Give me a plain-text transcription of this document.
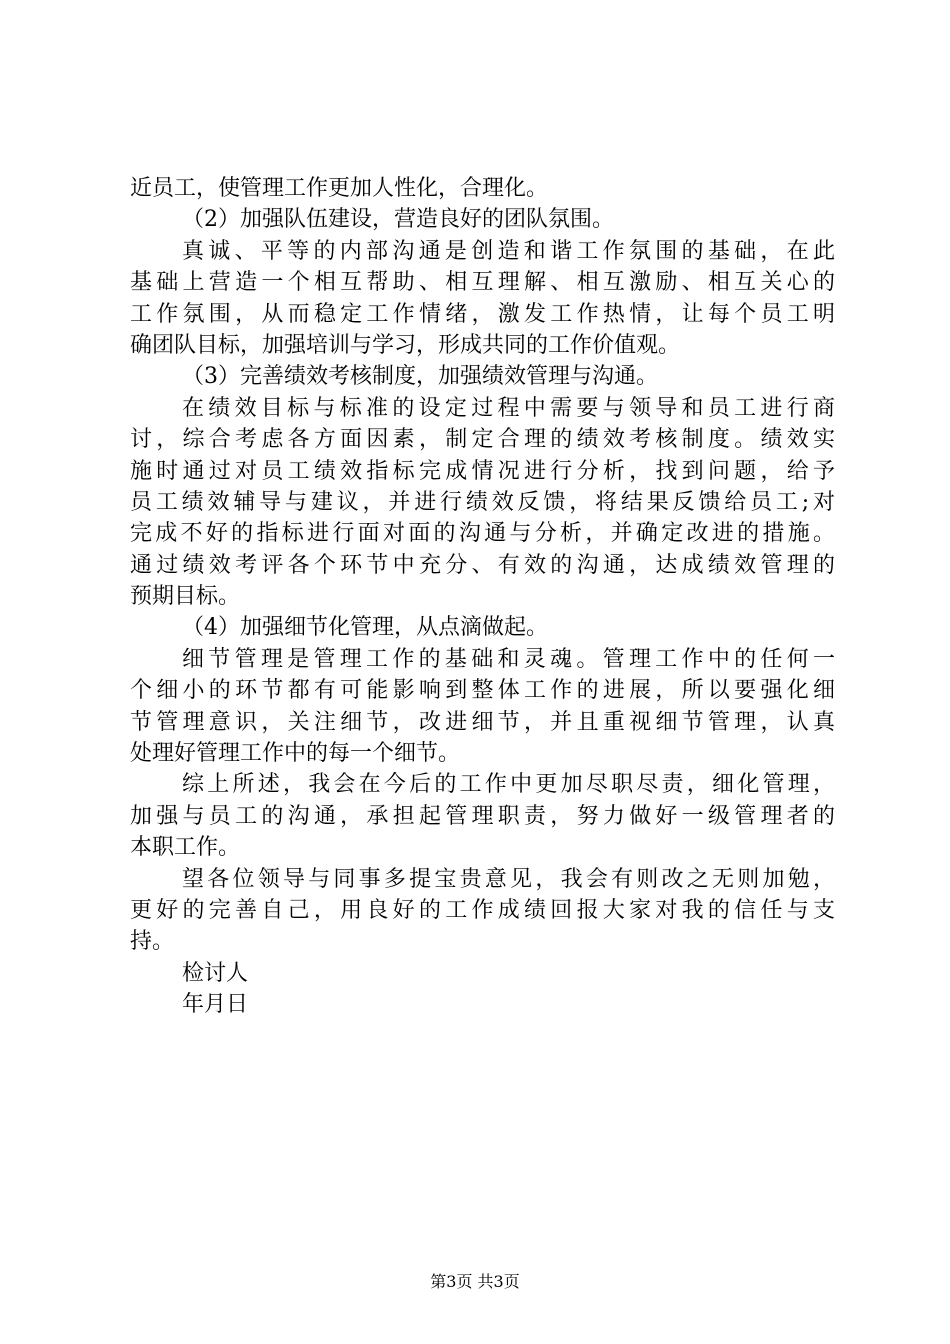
近员工，使管理工作更加人性化，合理化。
（2）加强队伍建设，营造良好的团队氛围。
真诚、平等的内部沟通是创造和谐工作氛围的基础，在此
基础上营造一个相互帮助、相互理解、相互激励、相互关心的
工作氛围，从而稳定工作情绪，激发工作热情，让每个员工明
确团队目标，加强培训与学习，形成共同的工作价值观。
（3）完善绩效考核制度，加强绩效管理与沟通。
在绩效目标与标准的设定过程中需要与领导和员工进行商
讨，综合考虑各方面因素，制定合理的绩效考核制度。绩效实
施时通过对员工绩效指标完成情况进行分析，找到问题，给予
员工绩效辅导与建议，并进行绩效反馈，将结果反馈给员工;对
完成不好的指标进行面对面的沟通与分析，并确定改进的措施。
通过绩效考评各个环节中充分、有效的沟通，达成绩效管理的
预期目标。
（4）加强细节化管理，从点滴做起。
细节管理是管理工作的基础和灵魂。管理工作中的任何一
个细小的环节都有可能影响到整体工作的进展，所以要强化细
节管理意识，关注细节，改进细节，并且重视细节管理，认真
处理好管理工作中的每一个细节。
综上所述，我会在今后的工作中更加尽职尽责，细化管理，
加强与员工的沟通，承担起管理职责，努力做好一级管理者的
本职工作。
望各位领导与同事多提宝贵意见，我会有则改之无则加勉，
更好的完善自己，用良好的工作成绩回报大家对我的信任与支
持。
检讨人
年月日
第3页 共3页
